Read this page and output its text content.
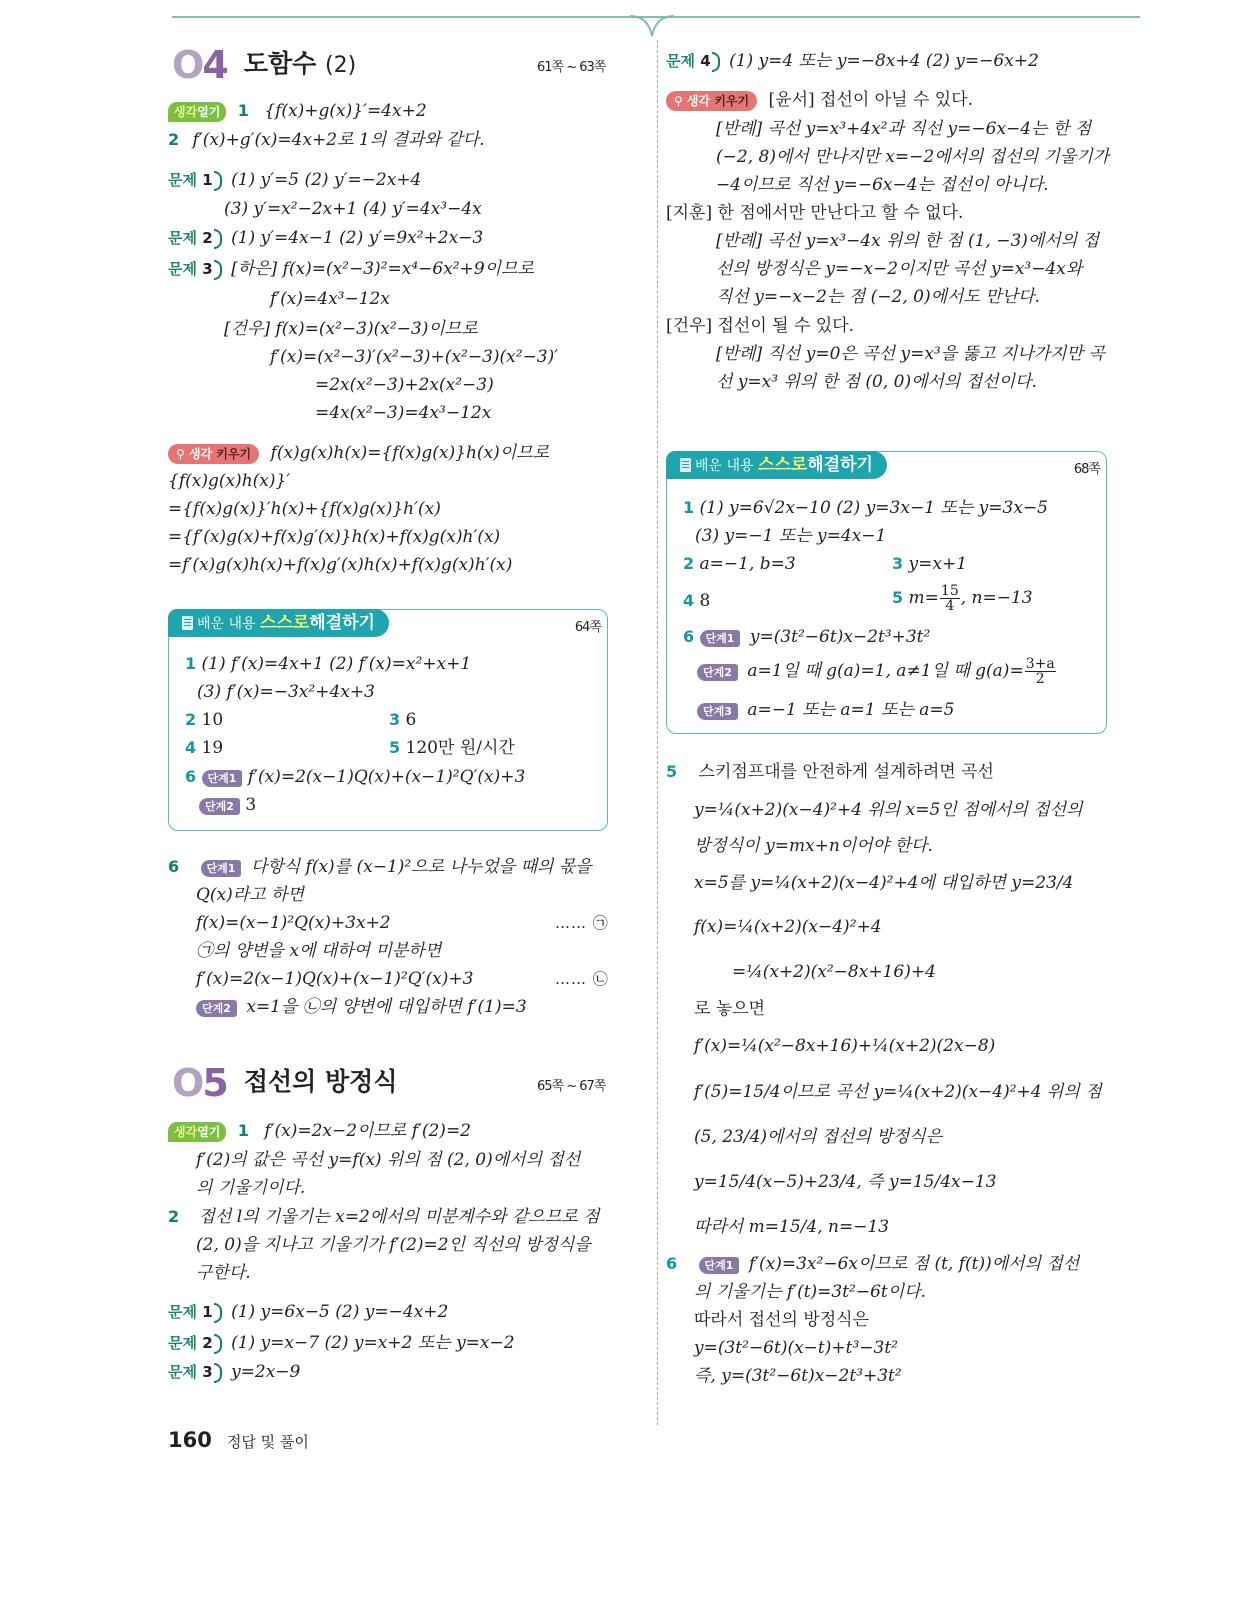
O4 도함수 (2)	61쪽 ~ 63쪽
생각열기 1 {f(x)+g(x)}′=4x+2
2 f′(x)+g′(x)=4x+2로 1의 결과와 같다.
문제 1 (1) y′=5 (2) y′=−2x+4
(3) y′=x²−2x+1 (4) y′=4x³−4x
문제 2 (1) y′=4x−1 (2) y′=9x²+2x−3
문제 3 [하은] f(x)=(x²−3)²=x⁴−6x²+9이므로
f′(x)=4x³−12x
[건우] f(x)=(x²−3)(x²−3)이므로
f′(x)=(x²−3)′(x²−3)+(x²−3)(x²−3)′
=2x(x²−3)+2x(x²−3)
=4x(x²−3)=4x³−12x
⚲ 생각 키우기 f(x)g(x)h(x)={f(x)g(x)}h(x)이므로
{f(x)g(x)h(x)}′
={f(x)g(x)}′h(x)+{f(x)g(x)}h′(x)
={f′(x)g(x)+f(x)g′(x)}h(x)+f(x)g(x)h′(x)
=f′(x)g(x)h(x)+f(x)g′(x)h(x)+f(x)g(x)h′(x)
배운 내용 스스로해결하기	64쪽
1 (1) f′(x)=4x+1 (2) f′(x)=x²+x+1
(3) f′(x)=−3x²+4x+3
2 10	3 6
4 19	5 120만 원/시간
6 단계1 f′(x)=2(x−1)Q(x)+(x−1)²Q′(x)+3
단계2 3
6 단계1 다항식 f(x)를 (x−1)²으로 나누었을 때의 몫을
Q(x)라고 하면
f(x)=(x−1)²Q(x)+3x+2	…… ㉠
㉠의 양변을 x에 대하여 미분하면
f′(x)=2(x−1)Q(x)+(x−1)²Q′(x)+3	…… ㉡
단계2 x=1을 ㉡의 양변에 대입하면 f′(1)=3
O5 접선의 방정식	65쪽 ~ 67쪽
생각열기 1 f′(x)=2x−2이므로 f′(2)=2
f′(2)의 값은 곡선 y=f(x) 위의 점 (2, 0)에서의 접선
의 기울기이다.
2 접선 l의 기울기는 x=2에서의 미분계수와 같으므로 점
(2, 0)을 지나고 기울기가 f′(2)=2인 직선의 방정식을
구한다.
문제 1 (1) y=6x−5 (2) y=−4x+2
문제 2 (1) y=x−7 (2) y=x+2 또는 y=x−2
문제 3 y=2x−9
160 정답 및 풀이
문제 4 (1) y=4 또는 y=−8x+4 (2) y=−6x+2
⚲ 생각 키우기 [윤서] 접선이 아닐 수 있다.
[반례] 곡선 y=x³+4x²과 직선 y=−6x−4는 한 점
(−2, 8)에서 만나지만 x=−2에서의 접선의 기울기가
−4이므로 직선 y=−6x−4는 접선이 아니다.
[지훈] 한 점에서만 만난다고 할 수 없다.
[반례] 곡선 y=x³−4x 위의 한 점 (1, −3)에서의 접
선의 방정식은 y=−x−2이지만 곡선 y=x³−4x와
직선 y=−x−2는 점 (−2, 0)에서도 만난다.
[건우] 접선이 될 수 있다.
[반례] 직선 y=0은 곡선 y=x³을 뚫고 지나가지만 곡
선 y=x³ 위의 한 점 (0, 0)에서의 접선이다.
배운 내용 스스로해결하기	68쪽
1 (1) y=6√2x−10 (2) y=3x−1 또는 y=3x−5
(3) y=−1 또는 y=4x−1
2 a=−1, b=3	3 y=x+1
4 8	5 $m= \frac{15}{4}$ , n=−13
6 단계1 y=(3t²−6t)x−2t³+3t²
단계2 a=1일 때 g(a)=1, a≠1일 때 $g(a)= \frac{3+a}{2}$
단계3 a=−1 또는 a=1 또는 a=5
5 스키점프대를 안전하게 설계하려면 곡선
y=¼(x+2)(x−4)²+4 위의 x=5인 점에서의 접선의
방정식이 y=mx+n이어야 한다.
x=5를 y=¼(x+2)(x−4)²+4에 대입하면 y=23/4
f(x)=¼(x+2)(x−4)²+4
=¼(x+2)(x²−8x+16)+4
로 놓으면
f′(x)=¼(x²−8x+16)+¼(x+2)(2x−8)
f′(5)=15/4이므로 곡선 y=¼(x+2)(x−4)²+4 위의 점
(5, 23/4)에서의 접선의 방정식은
y=15/4(x−5)+23/4, 즉 y=15/4x−13
따라서 m=15/4, n=−13
6 단계1 f′(x)=3x²−6x이므로 점 (t, f(t))에서의 접선
의 기울기는 f′(t)=3t²−6t이다.
따라서 접선의 방정식은
y=(3t²−6t)(x−t)+t³−3t²
즉, y=(3t²−6t)x−2t³+3t²
